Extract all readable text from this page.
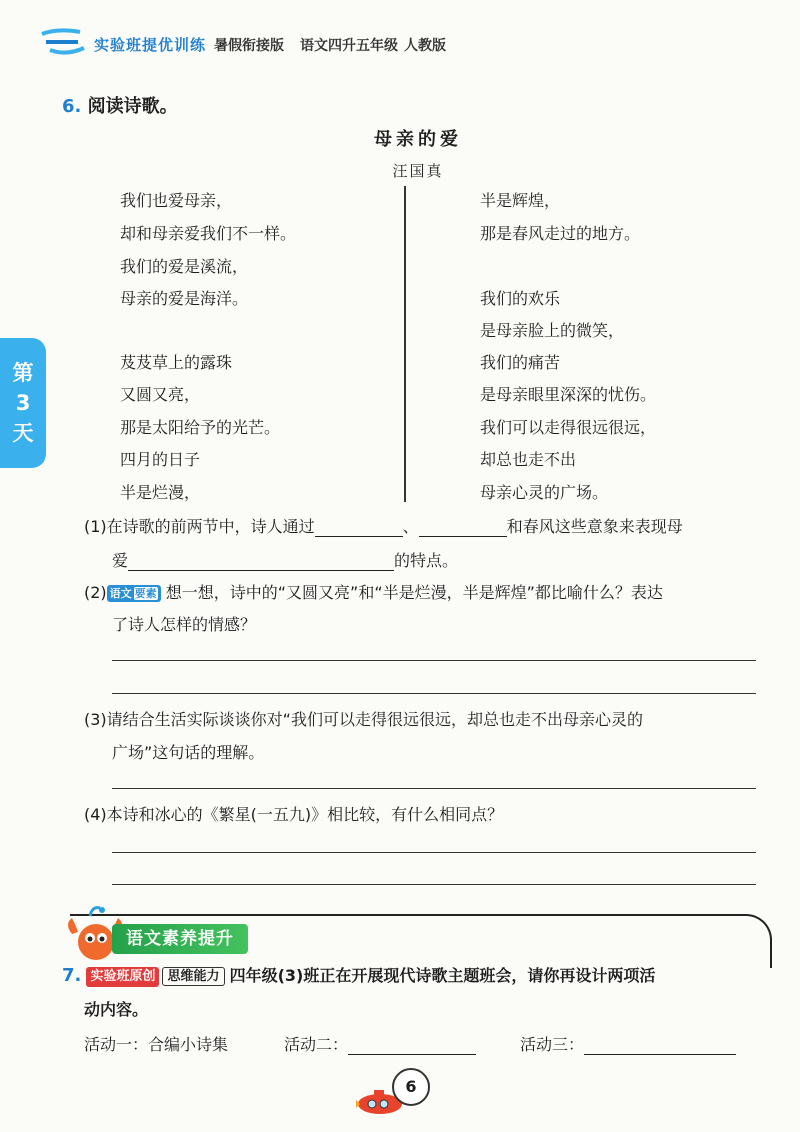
实验班提优训练 暑假衔接版 语文四升五年级 人教版
第
3
天
6. 阅读诗歌。
母亲的爱
汪国真
我们也爱母亲，
却和母亲爱我们不一样。
我们的爱是溪流，
母亲的爱是海洋。
芨芨草上的露珠
又圆又亮，
那是太阳给予的光芒。
四月的日子
半是烂漫，
半是辉煌，
那是春风走过的地方。
我们的欢乐
是母亲脸上的微笑，
我们的痛苦
是母亲眼里深深的忧伤。
我们可以走得很远很远，
却总也走不出
母亲心灵的广场。
(1)在诗歌的前两节中，诗人通过	、	和春风这些意象来表现母
爱	的特点。
(2) 语文 要素 想一想，诗中的“又圆又亮”和“半是烂漫，半是辉煌”都比喻什么？表达
了诗人怎样的情感？
(3)请结合生活实际谈谈你对“我们可以走得很远很远，却总也走不出母亲心灵的
广场”这句话的理解。
(4)本诗和冰心的《繁星(一五九)》相比较，有什么相同点？
语文素养提升
7. 实验班原创 思维能力 四年级(3)班正在开展现代诗歌主题班会，请你再设计两项活
动内容。
活动一：合编小诗集	活动二：	活动三：
6
